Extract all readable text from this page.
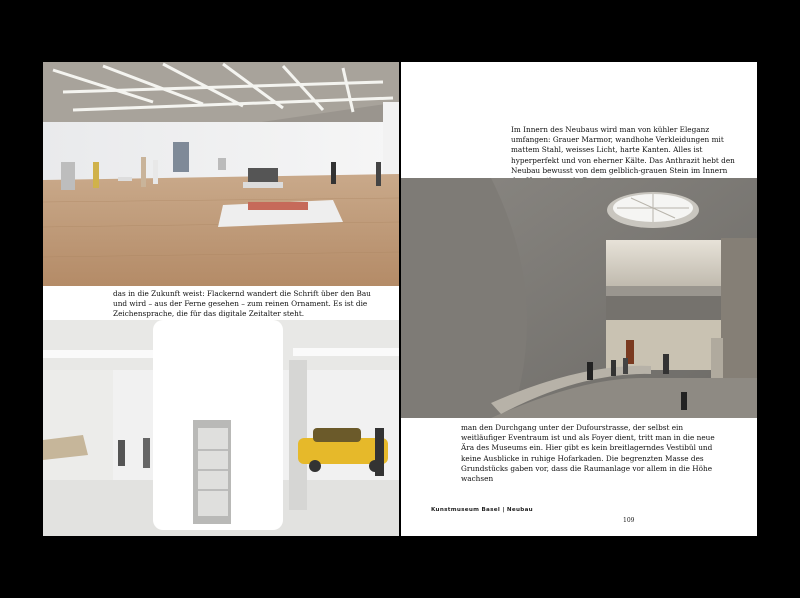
das in die Zukunft weist: Flackernd wandert die Schrift über den Bau und wird – aus der Ferne gesehen – zum reinen Ornament. Es ist die Zeichensprache, die für das digitale Zeitalter steht.

Im Innern des Neubaus wird man von kühler Eleganz umfangen: Grauer Marmor, wandhohe Verkleidungen mit mattem Stahl, weisses Licht, harte Kanten. Alles ist hyperperfekt und von eherner Kälte. Das Anthrazit hebt den Neubau bewusst von dem gelblich-grauen Stein im Innern

man den Durchgang unter der Dufourstrasse, der selbst ein weitläufiger Eventraum ist und als Foyer dient, tritt man in die neue Ära des Museums ein. Hier gibt es kein breitlagerndes Vestibül und keine Ausblicke in ruhige Hofarkaden. Die begrenzten Masse des Grundstücks gaben vor, dass die Raumanlage vor allem in die Höhe wachsen

Kunstmuseum Basel | Neubau
109
